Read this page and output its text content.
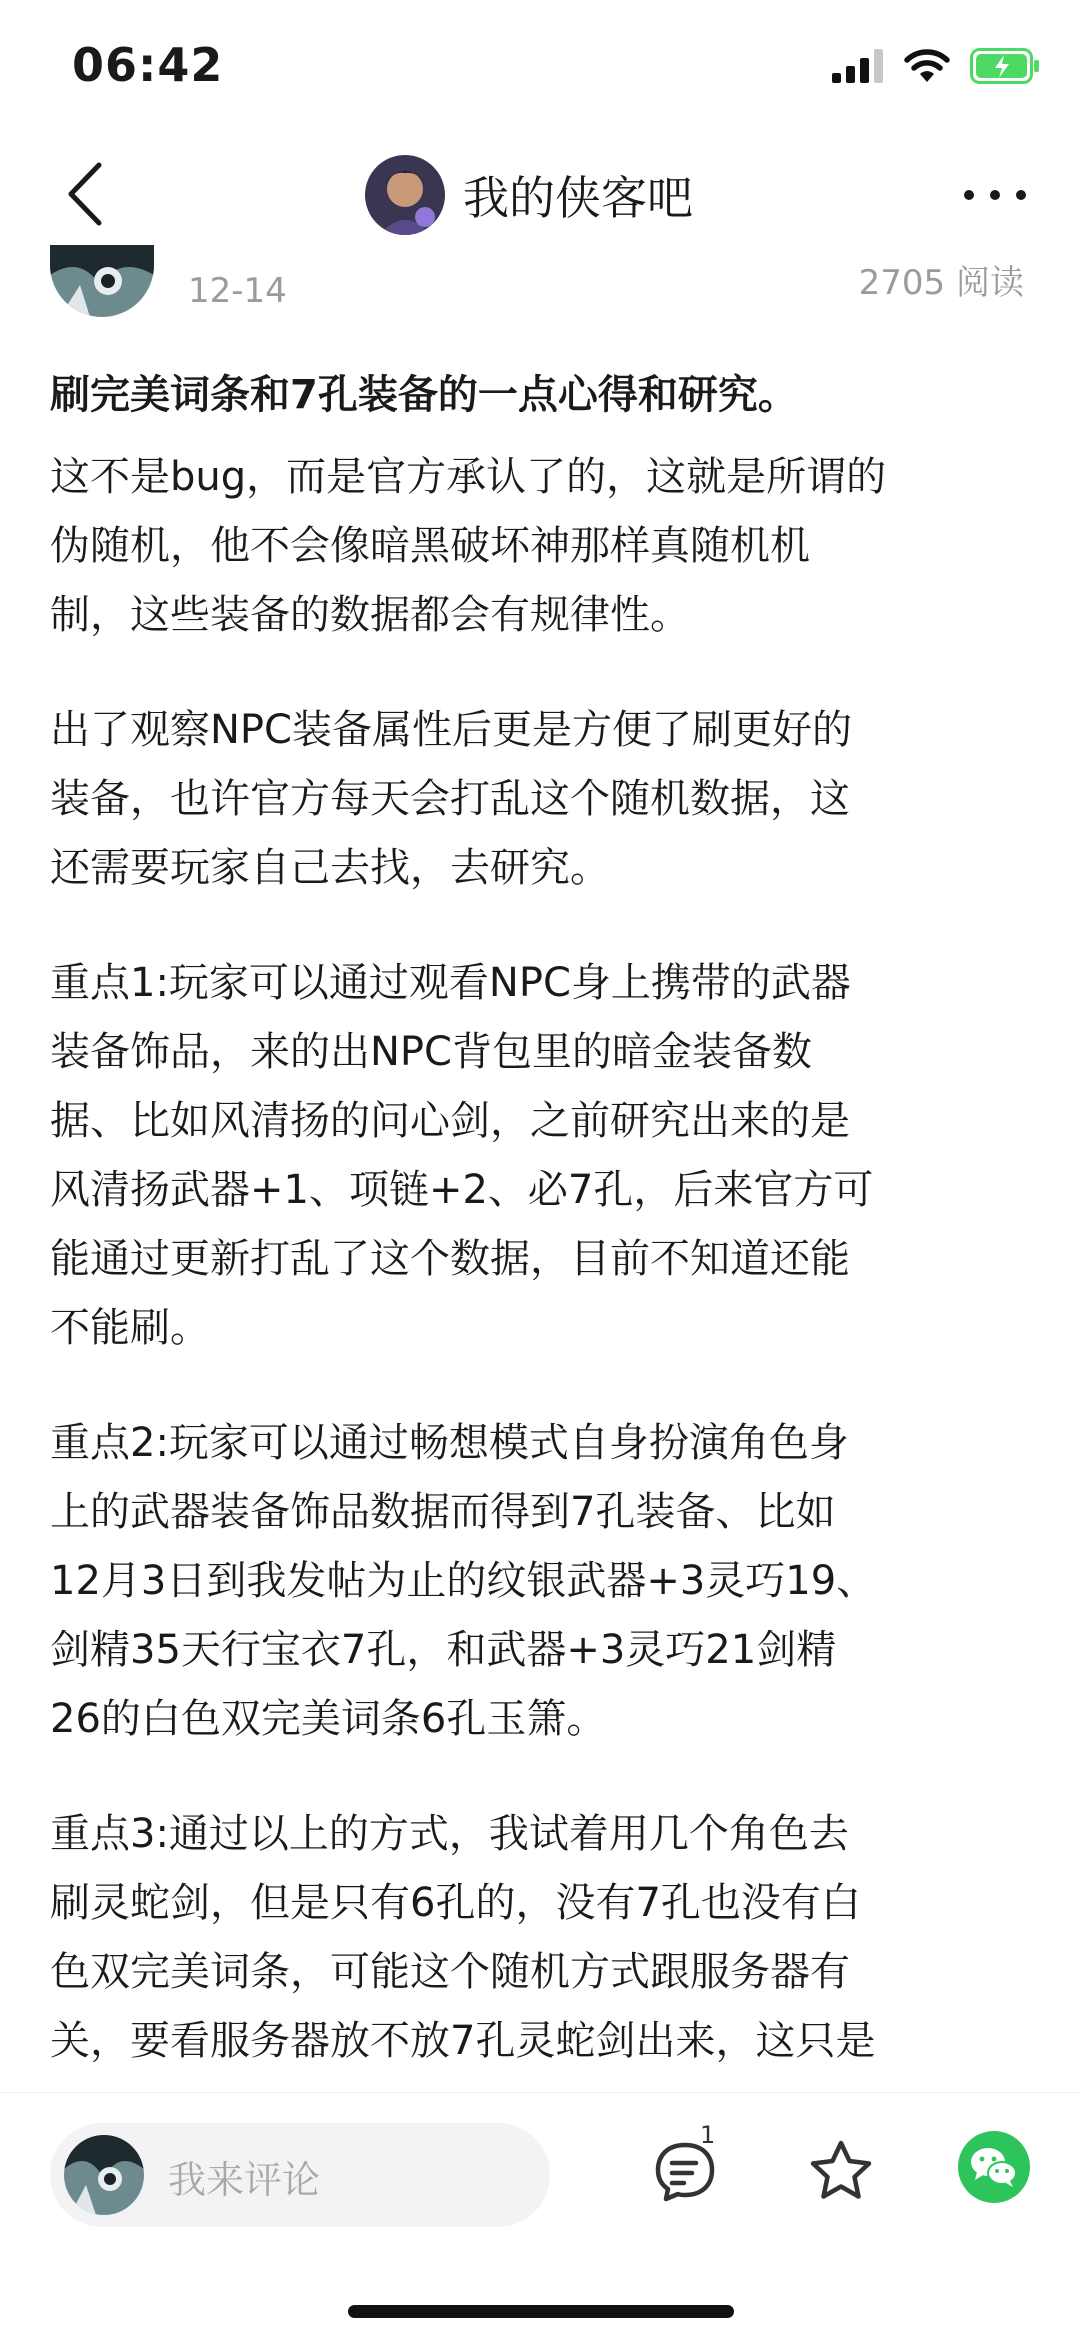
06:42
我的侠客吧
12-14	2705 阅读
刷完美词条和7孔装备的一点心得和研究。
这不是bug，而是官方承认了的，这就是所谓的
伪随机，他不会像暗黑破坏神那样真随机机
制，这些装备的数据都会有规律性。
出了观察NPC装备属性后更是方便了刷更好的
装备，也许官方每天会打乱这个随机数据，这
还需要玩家自己去找，去研究。
重点1:玩家可以通过观看NPC身上携带的武器
装备饰品，来的出NPC背包里的暗金装备数
据、比如风清扬的问心剑，之前研究出来的是
风清扬武器+1、项链+2、必7孔，后来官方可
能通过更新打乱了这个数据，目前不知道还能
不能刷。
重点2:玩家可以通过畅想模式自身扮演角色身
上的武器装备饰品数据而得到7孔装备、比如
12月3日到我发帖为止的纹银武器+3灵巧19、
剑精35天行宝衣7孔，和武器+3灵巧21剑精
26的白色双完美词条6孔玉箫。
重点3:通过以上的方式，我试着用几个角色去
刷灵蛇剑，但是只有6孔的，没有7孔也没有白
色双完美词条，可能这个随机方式跟服务器有
关，要看服务器放不放7孔灵蛇剑出来，这只是
我来评论
1
